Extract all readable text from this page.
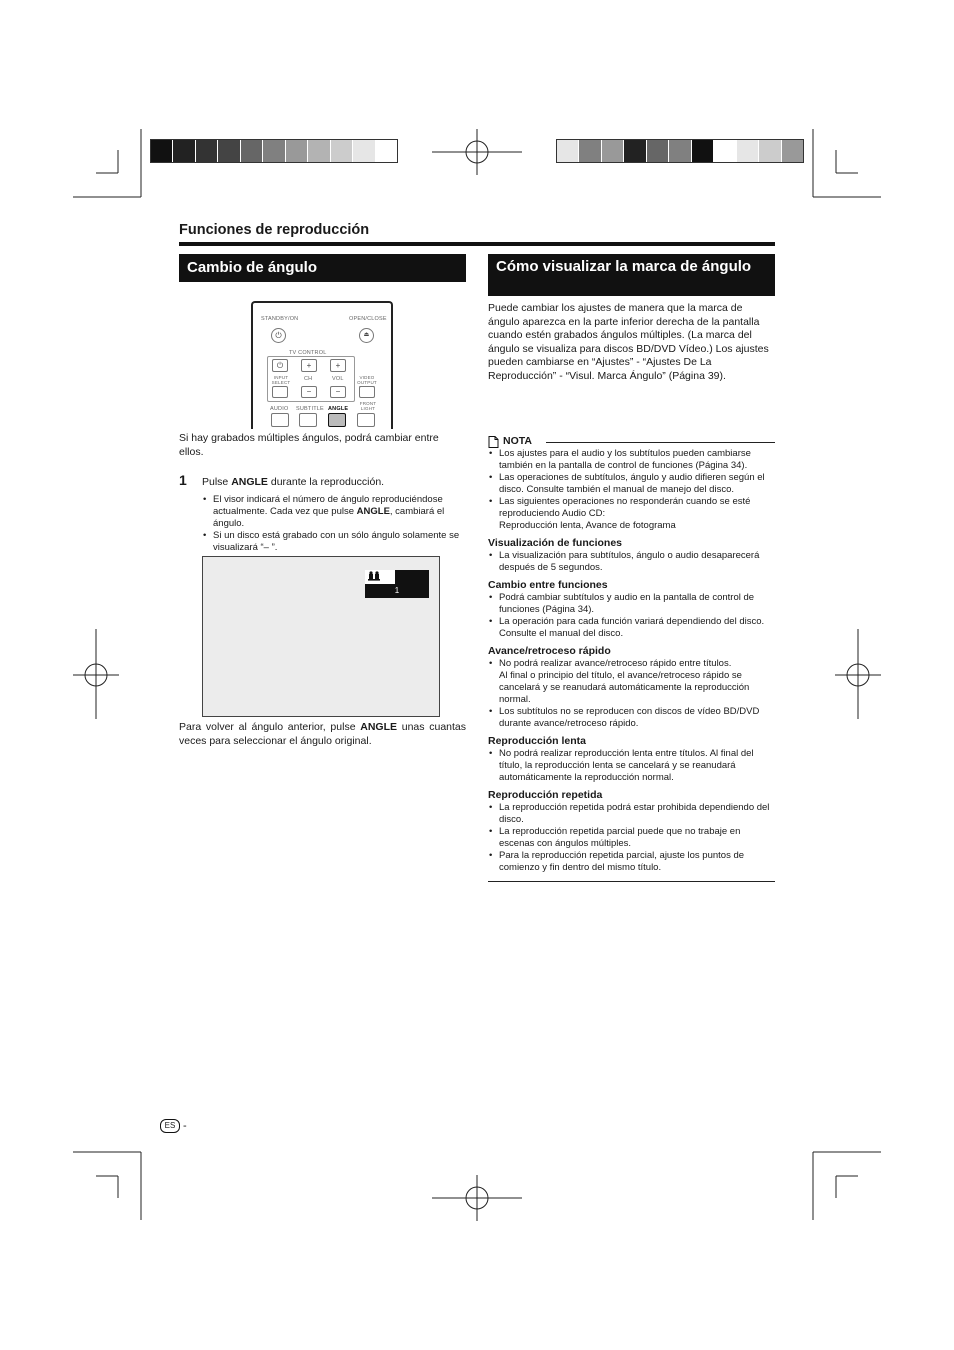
Funciones de reproducción
Cambio de ángulo
STANDBY/ON	OPEN/CLOSE
⏻	⏏
TV CONTROL
⏻	+	+
INPUT SELECT
CH	VOL	VIDEO OUTPUT
−	−
AUDIO SUBTITLE ANGLE
FRONT LIGHT
Si hay grabados múltiples ángulos, podrá cambiar entre ellos.
1	Pulse ANGLE durante la reproducción.
• El visor indicará el número de ángulo reproduciéndose actualmente. Cada vez que pulse ANGLE, cambiará el ángulo.
• Si un disco está grabado con un sólo ángulo solamente se visualizará “– ”.
1
Para volver al ángulo anterior, pulse ANGLE unas cuantas veces para seleccionar el ángulo original.
Cómo visualizar la marca de ángulo
Puede cambiar los ajustes de manera que la marca de ángulo aparezca en la parte inferior derecha de la pantalla cuando estén grabados ángulos múltiples. (La marca del ángulo se visualiza para discos BD/DVD Vídeo.) Los ajustes pueden cambiarse en “Ajustes” - “Ajustes De La Reproducción” - “Visul. Marca Ángulo” (Página 39).
NOTA
• Los ajustes para el audio y los subtítulos pueden cambiarse también en la pantalla de control de funciones (Página 34).
• Las operaciones de subtítulos, ángulo y audio difieren según el disco. Consulte también el manual de manejo del disco.
• Las siguientes operaciones no responderán cuando se esté reproduciendo Audio CD:
Reproducción lenta, Avance de fotograma
Visualización de funciones
• La visualización para subtítulos, ángulo o audio desaparecerá después de 5 segundos.
Cambio entre funciones
• Podrá cambiar subtítulos y audio en la pantalla de control de funciones (Página 34).
• La operación para cada función variará dependiendo del disco. Consulte el manual del disco.
Avance/retroceso rápido
• No podrá realizar avance/retroceso rápido entre títulos.
Al final o principio del título, el avance/retroceso rápido se cancelará y se reanudará automáticamente la reproducción normal.
• Los subtítulos no se reproducen con discos de vídeo BD/DVD durante avance/retroceso rápido.
Reproducción lenta
• No podrá realizar reproducción lenta entre títulos. Al final del título, la reproducción lenta se cancelará y se reanudará automáticamente la reproducción normal.
Reproducción repetida
• La reproducción repetida podrá estar prohibida dependiendo del disco.
• La reproducción repetida parcial puede que no trabaje en escenas con ángulos múltiples.
• Para la reproducción repetida parcial, ajuste los puntos de comienzo y fin dentro del mismo título.
ES -
